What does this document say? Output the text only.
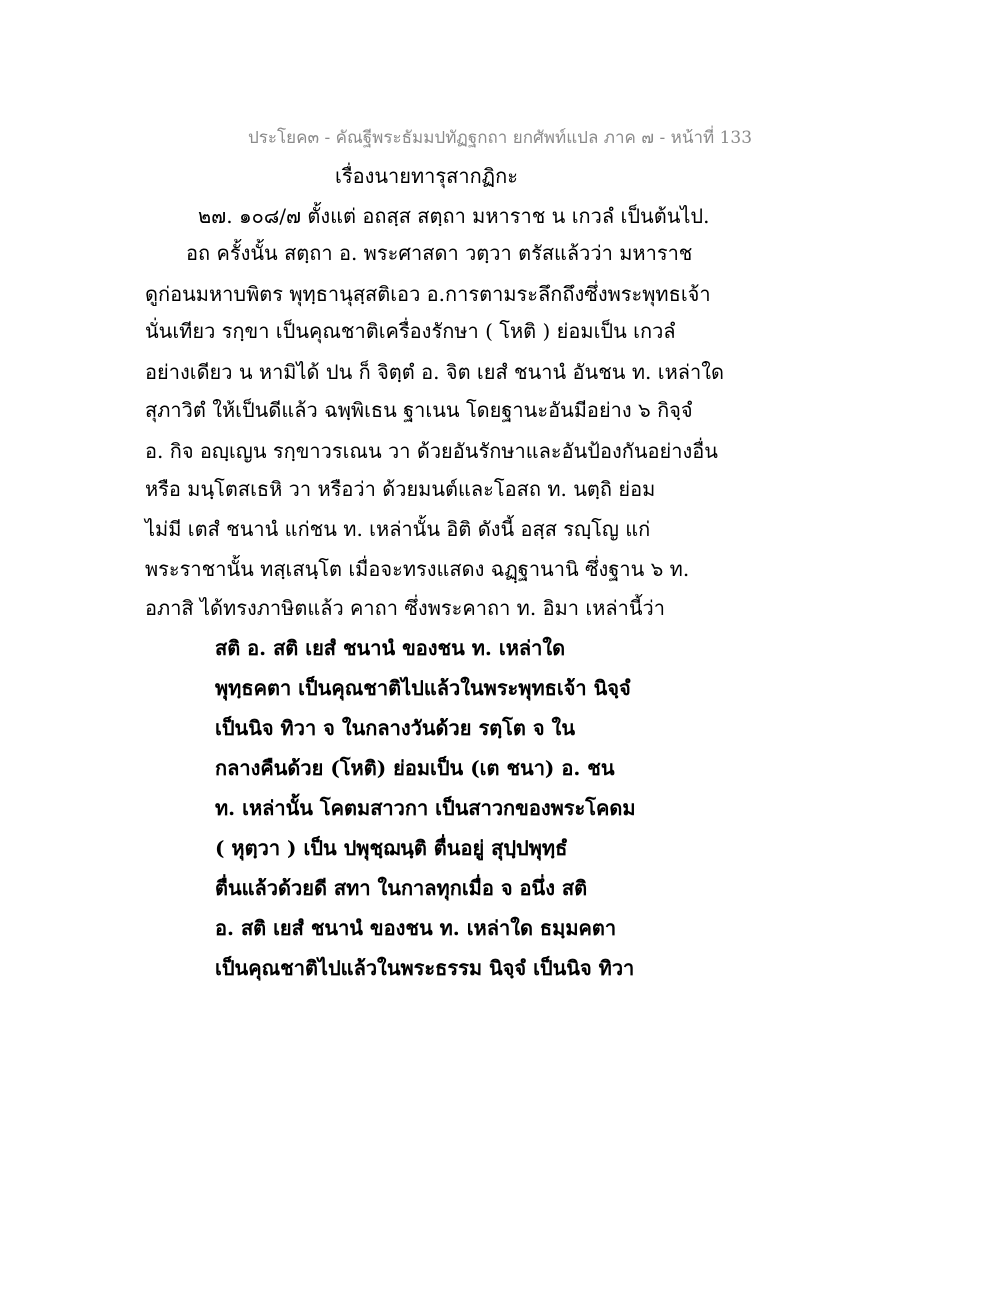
ประโยค๓ - คัณฐีพระธัมมปทัฏฐกถา ยกศัพท์แปล ภาค ๗ - หน้าที่ 133
เรื่องนายทารุสากฏิกะ
๒๗. ๑๐๘/๗ ตั้งแต่ อถสฺส สตฺถา มหาราช น เกวลํ เป็นต้นไป.
อถ ครั้งนั้น สตฺถา อ. พระศาสดา วตฺวา ตรัสแล้วว่า มหาราช
ดูก่อนมหาบพิตร พุทฺธานุสฺสติเอว อ.การตามระลึกถึงซึ่งพระพุทธเจ้า
นั่นเทียว รกฺขา เป็นคุณชาติเครื่องรักษา ( โหติ ) ย่อมเป็น เกวลํ
อย่างเดียว น หามิได้ ปน ก็ จิตฺตํ อ. จิต เยสํ ชนานํ อันชน ท. เหล่าใด
สุภาวิตํ ให้เป็นดีแล้ว ฉพฺพิเธน ฐาเนน โดยฐานะอันมีอย่าง ๖ กิจฺจํ
อ. กิจ อญฺเญน รกฺขาวรเณน วา ด้วยอันรักษาและอันป้องกันอย่างอื่น
หรือ มนฺโตสเธหิ วา หรือว่า ด้วยมนต์และโอสถ ท. นตฺถิ ย่อม
ไม่มี เตสํ ชนานํ แก่ชน ท. เหล่านั้น อิติ ดังนี้ อสฺส รญฺโญ แก่
พระราชานั้น ทสฺเสนฺโต เมื่อจะทรงแสดง ฉฏฺฐานานิ ซึ่งฐาน ๖ ท.
อภาสิ ได้ทรงภาษิตแล้ว คาถา ซึ่งพระคาถา ท. อิมา เหล่านี้ว่า
สติ อ. สติ เยสํ ชนานํ ของชน ท. เหล่าใด
พุทฺธคตา เป็นคุณชาติไปแล้วในพระพุทธเจ้า นิจฺจํ
เป็นนิจ ทิวา จ ในกลางวันด้วย รตฺโต จ ใน
กลางคืนด้วย (โหติ) ย่อมเป็น (เต ชนา) อ. ชน
ท. เหล่านั้น โคตมสาวกา เป็นสาวกของพระโคดม
( หุตฺวา ) เป็น ปพุชฺฌนฺติ ตื่นอยู่ สุปฺปพุทฺธํ
ตื่นแล้วด้วยดี สทา ในกาลทุกเมื่อ จ อนึ่ง สติ
อ. สติ เยสํ ชนานํ ของชน ท. เหล่าใด ธมฺมคตา
เป็นคุณชาติไปแล้วในพระธรรม นิจฺจํ เป็นนิจ ทิวา
